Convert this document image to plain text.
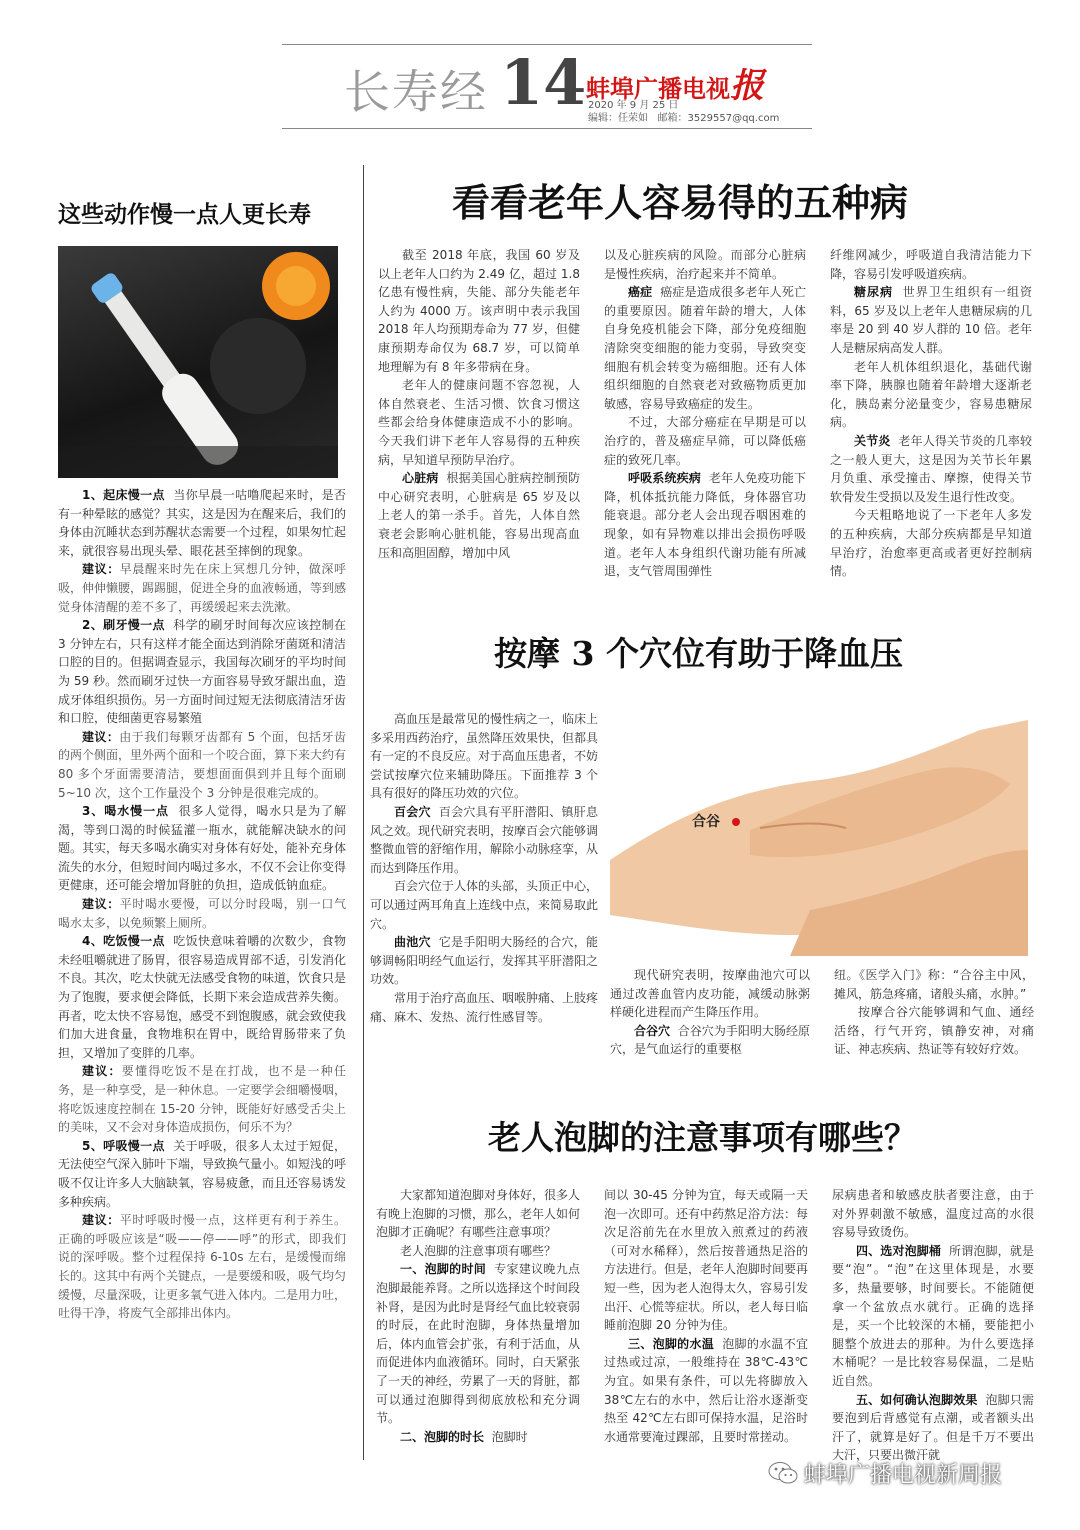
长寿经 14 蚌埠广播电视报
2020 年 9 月 25 日
编辑：任荣如 邮箱：3529557@qq.com
这些动作慢一点人更长寿

1、起床慢一点 当你早晨一咕噜爬起来时，是否有一种晕眩的感觉？其实，这是因为在醒来后，我们的身体由沉睡状态到苏醒状态需要一个过程，如果匆忙起来，就很容易出现头晕、眼花甚至摔倒的现象。

建议：早晨醒来时先在床上冥想几分钟，做深呼吸，伸伸懒腰，踢踢腿，促进全身的血液畅通，等到感觉身体清醒的差不多了，再缓缓起来去洗漱。

2、刷牙慢一点 科学的刷牙时间每次应该控制在 3 分钟左右，只有这样才能全面达到消除牙菌斑和清洁口腔的目的。但据调查显示，我国每次刷牙的平均时间为 59 秒。然而刷牙过快一方面容易导致牙龈出血，造成牙体组织损伤。另一方面时间过短无法彻底清洁牙齿和口腔，使细菌更容易繁殖

建议：由于我们每颗牙齿都有 5 个面，包括牙齿的两个侧面，里外两个面和一个咬合面，算下来大约有 80 多个牙面需要清洁，要想面面俱到并且每个面刷 5~10 次，这个工作量没个 3 分钟是很难完成的。

3、喝水慢一点 很多人觉得，喝水只是为了解渴，等到口渴的时候猛灌一瓶水，就能解决缺水的问题。其实，每天多喝水确实对身体有好处，能补充身体流失的水分，但短时间内喝过多水，不仅不会让你变得更健康，还可能会增加肾脏的负担，造成低钠血症。

建议：平时喝水要慢，可以分时段喝，别一口气喝水太多，以免频繁上厕所。

4、吃饭慢一点 吃饭快意味着嚼的次数少，食物未经咀嚼就进了肠胃，很容易造成胃部不适，引发消化不良。其次，吃太快就无法感受食物的味道，饮食只是为了饱腹，要求便会降低，长期下来会造成营养失衡。再者，吃太快不容易饱，感受不到饱腹感，就会致使我们加大进食量，食物堆积在胃中，既给胃肠带来了负担，又增加了变胖的几率。

建议：要懂得吃饭不是在打战，也不是一种任务，是一种享受，是一种休息。一定要学会细嚼慢咽，将吃饭速度控制在 15-20 分钟，既能好好感受舌尖上的美味，又不会对身体造成损伤，何乐不为？

5、呼吸慢一点 关于呼吸，很多人太过于短促，无法使空气深入肺叶下端，导致换气量小。如短浅的呼吸不仅让许多人大脑缺氧，容易疲惫，而且还容易诱发多种疾病。

建议：平时呼吸时慢一点，这样更有利于养生。正确的呼吸应该是“吸——停——呼”的形式，即我们说的深呼吸。整个过程保持 6-10s 左右，是缓慢而绵长的。这其中有两个关键点，一是要缓和吸，吸气均匀缓慢，尽量深吸，让更多氧气进入体内。二是用力吐，吐得干净，将废气全部排出体内。

看看老年人容易得的五种病

截至 2018 年底，我国 60 岁及以上老年人口约为 2.49 亿，超过 1.8 亿患有慢性病，失能、部分失能老年人约为 4000 万。该声明中表示我国 2018 年人均预期寿命为 77 岁，但健康预期寿命仅为 68.7 岁，可以简单地理解为有 8 年多带病在身。

老年人的健康问题不容忽视，人体自然衰老、生活习惯、饮食习惯这些都会给身体健康造成不小的影响。今天我们讲下老年人容易得的五种疾病，早知道早预防早治疗。

心脏病 根据美国心脏病控制预防中心研究表明，心脏病是 65 岁及以上老人的第一杀手。首先，人体自然衰老会影响心脏机能，容易出现高血压和高胆固醇，增加中风

以及心脏疾病的风险。而部分心脏病是慢性疾病，治疗起来并不简单。

癌症 癌症是造成很多老年人死亡的重要原因。随着年龄的增大，人体自身免疫机能会下降，部分免疫细胞清除突变细胞的能力变弱，导致突变细胞有机会转变为癌细胞。还有人体组织细胞的自然衰老对致癌物质更加敏感，容易导致癌症的发生。

不过，大部分癌症在早期是可以治疗的，普及癌症早筛，可以降低癌症的致死几率。

呼吸系统疾病 老年人免疫功能下降，机体抵抗能力降低，身体器官功能衰退。部分老人会出现吞咽困难的现象，如有异物难以排出会损伤呼吸道。老年人本身组织代谢功能有所减退，支气管周围弹性

纤维网减少，呼吸道自我清洁能力下降，容易引发呼吸道疾病。

糖尿病 世界卫生组织有一组资料，65 岁及以上老年人患糖尿病的几率是 20 到 40 岁人群的 10 倍。老年人是糖尿病高发人群。

老年人机体组织退化，基础代谢率下降，胰腺也随着年龄增大逐渐老化，胰岛素分泌量变少，容易患糖尿病。

关节炎 老年人得关节炎的几率较之一般人更大，这是因为关节长年累月负重、承受撞击、摩擦，使得关节软骨发生受损以及发生退行性改变。

今天粗略地说了一下老年人多发的五种疾病，大部分疾病都是早知道早治疗，治愈率更高或者更好控制病情。

按摩 3 个穴位有助于降血压

高血压是最常见的慢性病之一，临床上多采用西药治疗，虽然降压效果快，但都具有一定的不良反应。对于高血压患者，不妨尝试按摩穴位来辅助降压。下面推荐 3 个具有很好的降压功效的穴位。

百会穴 百会穴具有平肝潜阳、镇肝息风之效。现代研究表明，按摩百会穴能够调整微血管的舒缩作用，解除小动脉痉挛，从而达到降压作用。

百会穴位于人体的头部，头顶正中心，可以通过两耳角直上连线中点，来简易取此穴。

曲池穴 它是手阳明大肠经的合穴，能够调畅阳明经气血运行，发挥其平肝潜阳之功效。

常用于治疗高血压、咽喉肿痛、上肢疼痛、麻木、发热、流行性感冒等。

合谷

现代研究表明，按摩曲池穴可以通过改善血管内皮功能，减缓动脉粥样硬化进程而产生降压作用。

合谷穴 合谷穴为手阳明大肠经原穴，是气血运行的重要枢

纽。《医学入门》称：“合谷主中风，摊风，筋急疼痛，诸般头痛，水肿。”

按摩合谷穴能够调和气血、通经活络，行气开窍，镇静安神，对痛证、神志疾病、热证等有较好疗效。

老人泡脚的注意事项有哪些？

大家都知道泡脚对身体好，很多人有晚上泡脚的习惯，那么，老年人如何泡脚才正确呢？有哪些注意事项？

老人泡脚的注意事项有哪些？

一、泡脚的时间 专家建议晚九点泡脚最能养肾。之所以选择这个时间段补肾，是因为此时是肾经气血比较衰弱的时辰，在此时泡脚，身体热量增加后，体内血管会扩张，有利于活血，从而促进体内血液循环。同时，白天紧张了一天的神经，劳累了一天的肾脏，都可以通过泡脚得到彻底放松和充分调节。

二、泡脚的时长 泡脚时

间以 30-45 分钟为宜，每天或隔一天泡一次即可。还有中药熬足浴方法：每次足浴前先在水里放入煎煮过的药液（可对水稀释），然后按普通热足浴的方法进行。但是，老年人泡脚时间要再短一些，因为老人泡得太久，容易引发出汗、心慌等症状。所以，老人每日临睡前泡脚 20 分钟为佳。

三、泡脚的水温 泡脚的水温不宜过热或过凉，一般维持在 38℃-43℃为宜。如果有条件，可以先将脚放入 38℃左右的水中，然后让浴水逐渐变热至 42℃左右即可保持水温，足浴时水通常要淹过踝部，且要时常搓动。

尿病患者和敏感皮肤者要注意，由于对外界刺激不敏感，温度过高的水很容易导致烫伤。

四、选对泡脚桶 所谓泡脚，就是要“泡”。“泡”在这里体现是，水要多，热量要够，时间要长。不能随便拿一个盆放点水就行。正确的选择是，买一个比较深的木桶，要能把小腿整个放进去的那种。为什么要选择木桶呢？一是比较容易保温，二是贴近自然。

五、如何确认泡脚效果 泡脚只需要泡到后背感觉有点潮，或者额头出汗了，就算是好了。但是千万不要出大汗，只要出微汗就

蚌埠广播电视新周报
